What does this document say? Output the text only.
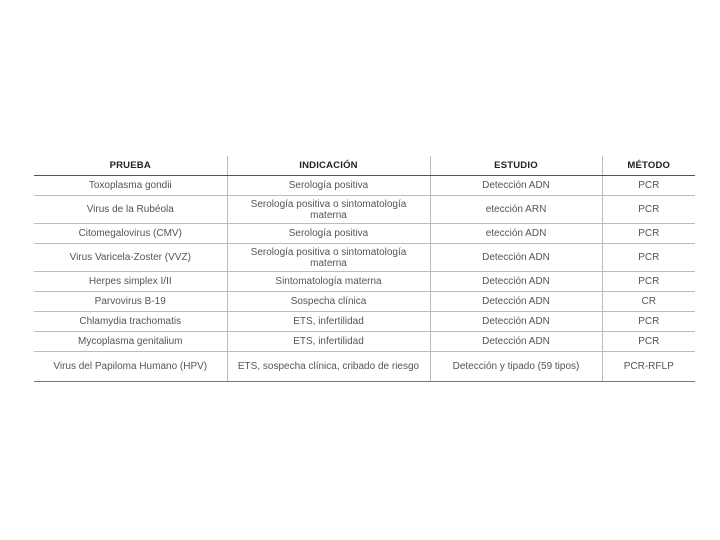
PRUEBA	INDICACIÓN	ESTUDIO	MÉTODO
Toxoplasma gondii	Serología positiva	Detección ADN	PCR
Virus de la Rubéola	Serología positiva o sintomatología materna	etección ARN	PCR
Citomegalovirus (CMV)	Serología positiva	etección ADN	PCR
Virus Varicela-Zoster (VVZ)	Serología positiva o sintomatología materna	Detección ADN	PCR
Herpes simplex I/II	Sintomatología materna	Detección ADN	PCR
Parvovirus B-19	Sospecha clínica	Detección ADN	CR
Chlamydia trachomatis	ETS, infertilidad	Detección ADN	PCR
Mycoplasma genitalium	ETS, infertilidad	Detección ADN	PCR
Virus del Papiloma Humano (HPV)	ETS, sospecha clínica, cribado de riesgo	Detección y tipado (59 tipos)	PCR-RFLP
